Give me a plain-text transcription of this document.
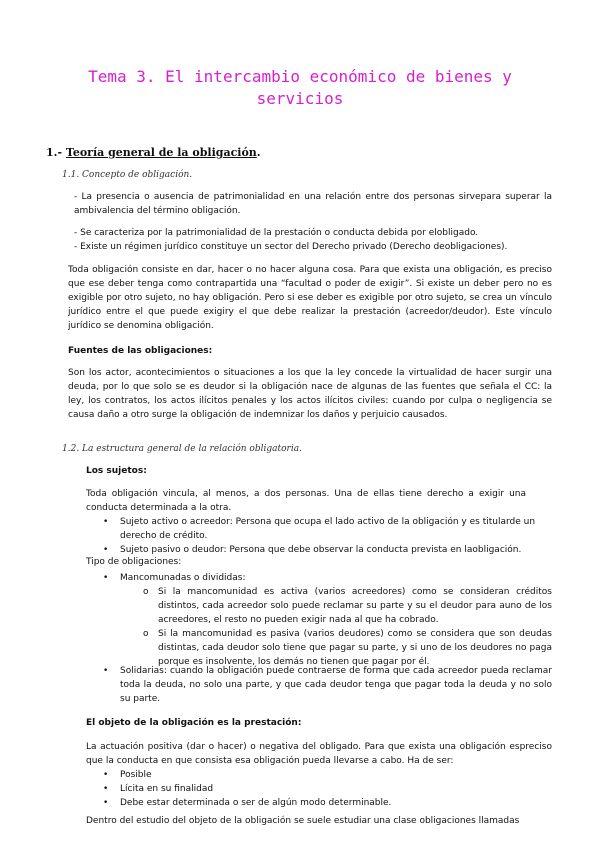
Tema 3. El intercambio económico de bienes y
servicios
1.- Teoría general de la obligación.
1.1. Concepto de obligación.
- La presencia o ausencia de patrimonialidad en una relación entre dos personas sirvepara superar la ambivalencia del término obligación.
- Se caracteriza por la patrimonialidad de la prestación o conducta debida por elobligado.
- Existe un régimen jurídico constituye un sector del Derecho privado (Derecho deobligaciones).
Toda obligación consiste en dar, hacer o no hacer alguna cosa. Para que exista una obligación, es preciso que ese deber tenga como contrapartida una “facultad o poder de exigir”. Si existe un deber pero no es exigible por otro sujeto, no hay obligación. Pero si ese deber es exigible por otro sujeto, se crea un vínculo jurídico entre el que puede exigiry el que debe realizar la prestación (acreedor/deudor). Este vínculo jurídico se denomina obligación.
Fuentes de las obligaciones:
Son los actor, acontecimientos o situaciones a los que la ley concede la virtualidad de hacer surgir una deuda, por lo que solo se es deudor si la obligación nace de algunas de las fuentes que señala el CC: la ley, los contratos, los actos ilícitos penales y los actos ilícitos civiles: cuando por culpa o negligencia se causa daño a otro surge la obligación de indemnizar los daños y perjuicio causados.
1.2. La estructura general de la relación obligatoria.
Los sujetos:
Toda obligación vincula, al menos, a dos personas. Una de ellas tiene derecho a exigir una conducta determinada a la otra.
• Sujeto activo o acreedor: Persona que ocupa el lado activo de la obligación y es titularde un derecho de crédito.
• Sujeto pasivo o deudor: Persona que debe observar la conducta prevista en laobligación.
Tipo de obligaciones:
• Mancomunadas o divididas:
o Si la mancomunidad es activa (varios acreedores) como se consideran créditos distintos, cada acreedor solo puede reclamar su parte y su el deudor para auno de los acreedores, el resto no pueden exigir nada al que ha cobrado.
o Si la mancomunidad es pasiva (varios deudores) como se considera que son deudas distintas, cada deudor solo tiene que pagar su parte, y si uno de los deudores no paga porque es insolvente, los demás no tienen que pagar por él.
• Solidarias: cuando la obligación puede contraerse de forma que cada acreedor pueda reclamar toda la deuda, no solo una parte, y que cada deudor tenga que pagar toda la deuda y no solo su parte.
El objeto de la obligación es la prestación:
La actuación positiva (dar o hacer) o negativa del obligado. Para que exista una obligación espreciso que la conducta en que consista esa obligación pueda llevarse a cabo. Ha de ser:
• Posible
• Lícita en su finalidad
• Debe estar determinada o ser de algún modo determinable.
Dentro del estudio del objeto de la obligación se suele estudiar una clase obligaciones llamadas
